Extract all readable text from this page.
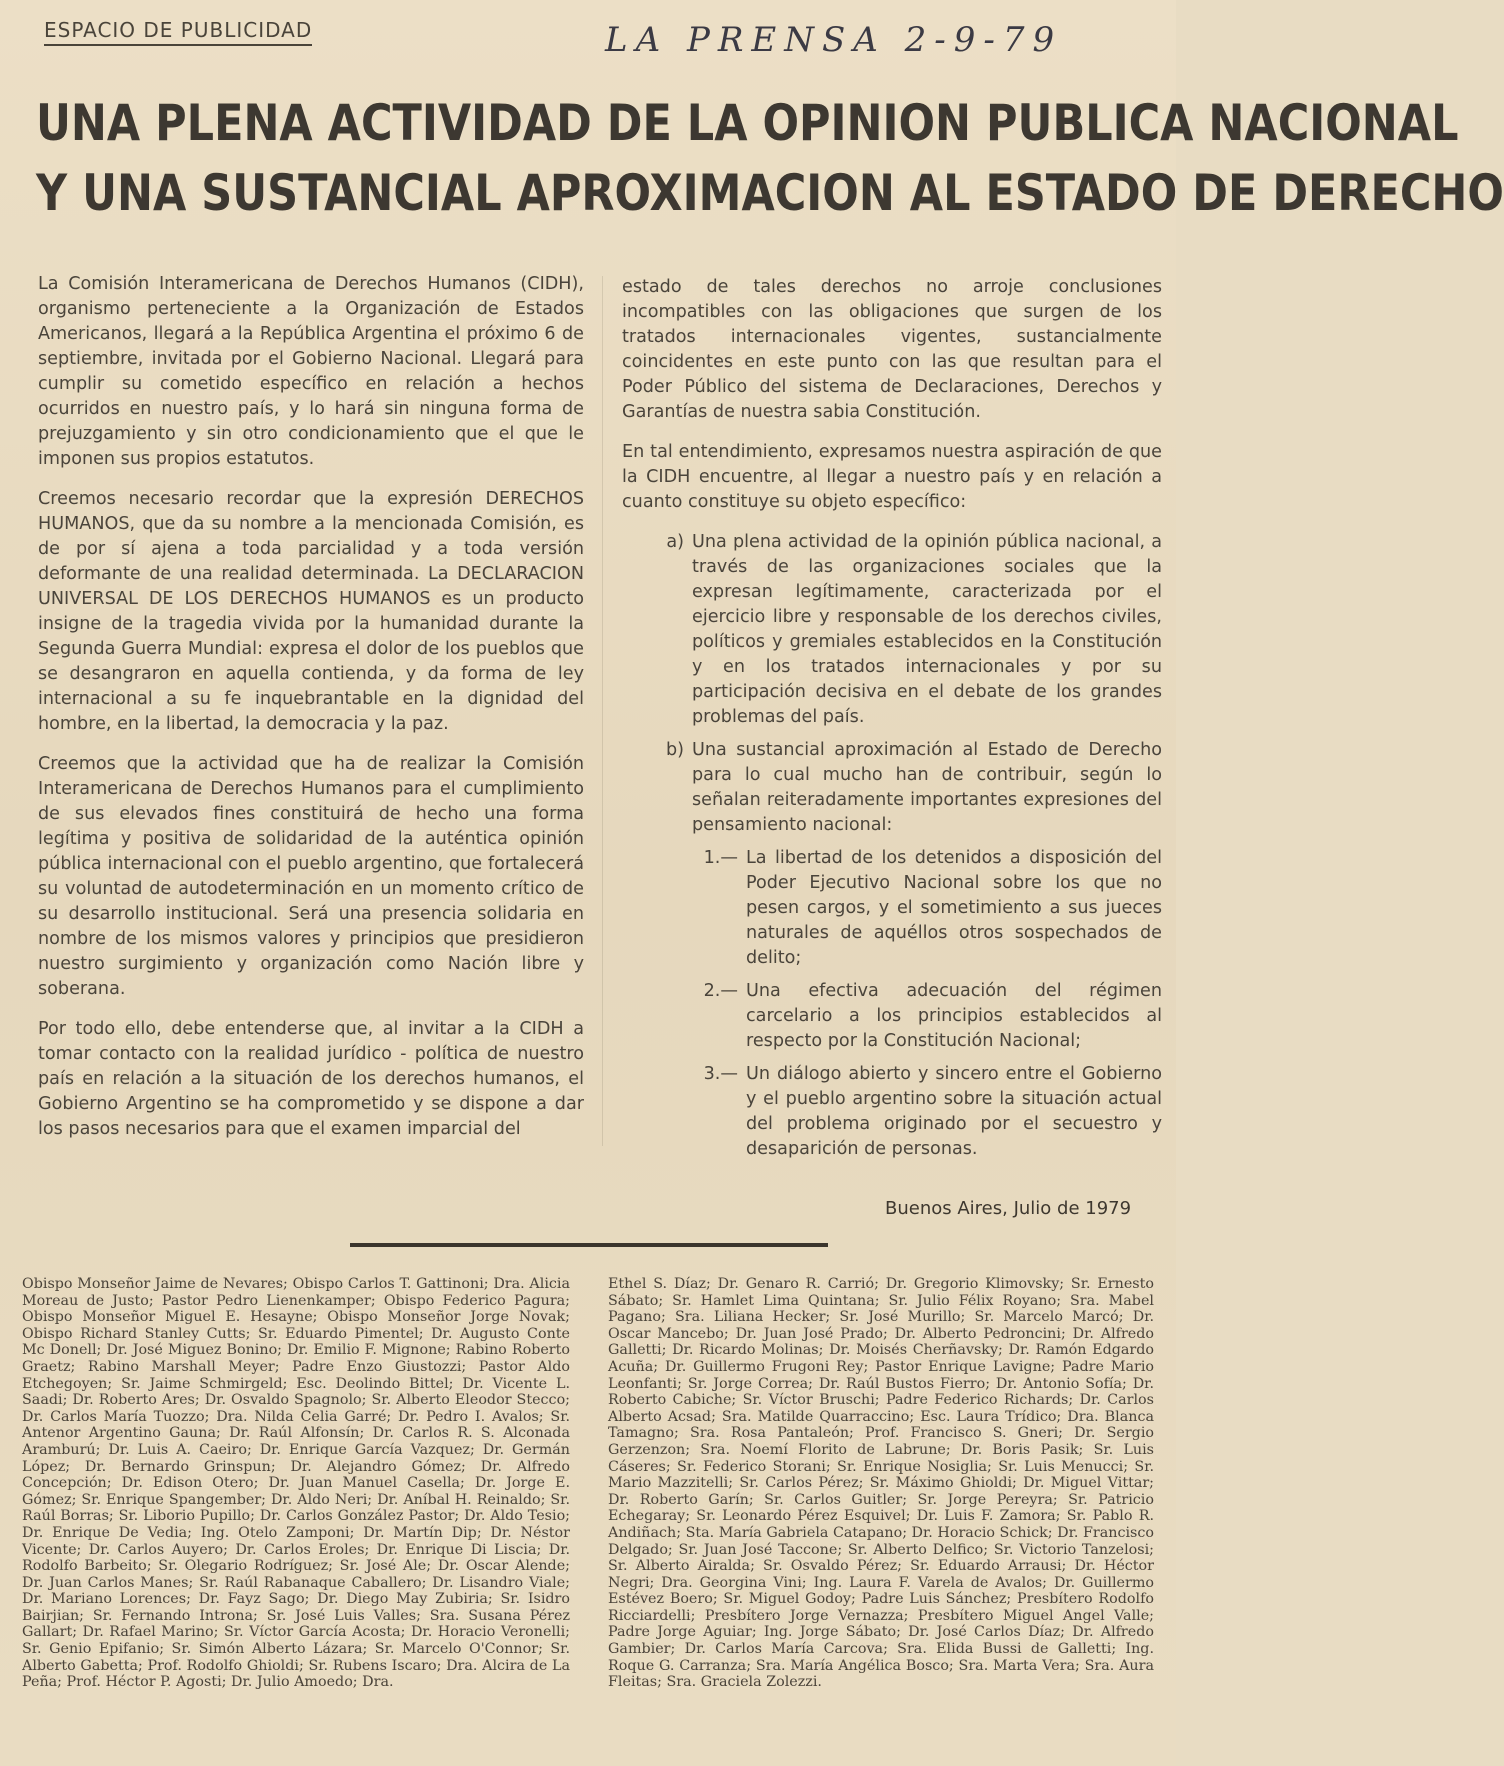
ESPACIO DE PUBLICIDAD	LA PRENSA 2-9-79
UNA PLENA ACTIVIDAD DE LA OPINION PUBLICA NACIONAL
Y UNA SUSTANCIAL APROXIMACION AL ESTADO DE DERECHO

La Comisión Interamericana de Derechos Humanos (CIDH), organismo perteneciente a la Organización de Estados Americanos, llegará a la República Argentina el próximo 6 de septiembre, invitada por el Gobierno Nacional. Llegará para cumplir su cometido específico en relación a hechos ocurridos en nuestro país, y lo hará sin ninguna forma de prejuzgamiento y sin otro condicionamiento que el que le imponen sus propios estatutos.

Creemos necesario recordar que la expresión DERECHOS HUMANOS, que da su nombre a la mencionada Comisión, es de por sí ajena a toda parcialidad y a toda versión deformante de una realidad determinada. La DECLARACION UNIVERSAL DE LOS DERECHOS HUMANOS es un producto insigne de la tragedia vivida por la humanidad durante la Segunda Guerra Mundial: expresa el dolor de los pueblos que se desangraron en aquella contienda, y da forma de ley internacional a su fe inquebrantable en la dignidad del hombre, en la libertad, la democracia y la paz.

Creemos que la actividad que ha de realizar la Comisión Interamericana de Derechos Humanos para el cumplimiento de sus elevados fines constituirá de hecho una forma legítima y positiva de solidaridad de la auténtica opinión pública internacional con el pueblo argentino, que fortalecerá su voluntad de autodeterminación en un momento crítico de su desarrollo institucional. Será una presencia solidaria en nombre de los mismos valores y principios que presidieron nuestro surgimiento y organización como Nación libre y soberana.

Por todo ello, debe entenderse que, al invitar a la CIDH a tomar contacto con la realidad jurídico - política de nuestro país en relación a la situación de los derechos humanos, el Gobierno Argentino se ha comprometido y se dispone a dar los pasos necesarios para que el examen imparcial del

estado de tales derechos no arroje conclusiones incompatibles con las obligaciones que surgen de los tratados internacionales vigentes, sustancialmente coincidentes en este punto con las que resultan para el Poder Público del sistema de Declaraciones, Derechos y Garantías de nuestra sabia Constitución.

En tal entendimiento, expresamos nuestra aspiración de que la CIDH encuentre, al llegar a nuestro país y en relación a cuanto constituye su objeto específico:

a) Una plena actividad de la opinión pública nacional, a través de las organizaciones sociales que la expresan legítimamente, caracterizada por el ejercicio libre y responsable de los derechos civiles, políticos y gremiales establecidos en la Constitución y en los tratados internacionales y por su participación decisiva en el debate de los grandes problemas del país.
b) Una sustancial aproximación al Estado de Derecho para lo cual mucho han de contribuir, según lo señalan reiteradamente importantes expresiones del pensamiento nacional:
1.— La libertad de los detenidos a disposición del Poder Ejecutivo Nacional sobre los que no pesen cargos, y el sometimiento a sus jueces naturales de aquéllos otros sospechados de delito;
2.— Una efectiva adecuación del régimen carcelario a los principios establecidos al respecto por la Constitución Nacional;
3.— Un diálogo abierto y sincero entre el Gobierno y el pueblo argentino sobre la situación actual del problema originado por el secuestro y desaparición de personas.
Buenos Aires, Julio de 1979
Obispo Monseñor Jaime de Nevares; Obispo Carlos T. Gattinoni; Dra. Alicia Moreau de Justo; Pastor Pedro Lienenkamper; Obispo Federico Pagura; Obispo Monseñor Miguel E. Hesayne; Obispo Monseñor Jorge Novak; Obispo Richard Stanley Cutts; Sr. Eduardo Pimentel; Dr. Augusto Conte Mc Donell; Dr. José Miguez Bonino; Dr. Emilio F. Mignone; Rabino Roberto Graetz; Rabino Marshall Meyer; Padre Enzo Giustozzi; Pastor Aldo Etchegoyen; Sr. Jaime Schmirgeld; Esc. Deolindo Bittel; Dr. Vicente L. Saadi; Dr. Roberto Ares; Dr. Osvaldo Spagnolo; Sr. Alberto Eleodor Stecco; Dr. Carlos María Tuozzo; Dra. Nilda Celia Garré; Dr. Pedro I. Avalos; Sr. Antenor Argentino Gauna; Dr. Raúl Alfonsín; Dr. Carlos R. S. Alconada Aramburú; Dr. Luis A. Caeiro; Dr. Enrique García Vazquez; Dr. Germán López; Dr. Bernardo Grinspun; Dr. Alejandro Gómez; Dr. Alfredo Concepción; Dr. Edison Otero; Dr. Juan Manuel Casella; Dr. Jorge E. Gómez; Sr. Enrique Spangember; Dr. Aldo Neri; Dr. Aníbal H. Reinaldo; Sr. Raúl Borras; Sr. Liborio Pupillo; Dr. Carlos González Pastor; Dr. Aldo Tesio; Dr. Enrique De Vedia; Ing. Otelo Zamponi; Dr. Martín Dip; Dr. Néstor Vicente; Dr. Carlos Auyero; Dr. Carlos Eroles; Dr. Enrique Di Liscia; Dr. Rodolfo Barbeito; Sr. Olegario Rodríguez; Sr. José Ale; Dr. Oscar Alende; Dr. Juan Carlos Manes; Sr. Raúl Rabanaque Caballero; Dr. Lisandro Viale; Dr. Mariano Lorences; Dr. Fayz Sago; Dr. Diego May Zubiria; Sr. Isidro Bairjian; Sr. Fernando Introna; Sr. José Luis Valles; Sra. Susana Pérez Gallart; Dr. Rafael Marino; Sr. Víctor García Acosta; Dr. Horacio Veronelli; Sr. Genio Epifanio; Sr. Simón Alberto Lázara; Sr. Marcelo O'Connor; Sr. Alberto Gabetta; Prof. Rodolfo Ghioldi; Sr. Rubens Iscaro; Dra. Alcira de La Peña; Prof. Héctor P. Agosti; Dr. Julio Amoedo; Dra.
Ethel S. Díaz; Dr. Genaro R. Carrió; Dr. Gregorio Klimovsky; Sr. Ernesto Sábato; Sr. Hamlet Lima Quintana; Sr. Julio Félix Royano; Sra. Mabel Pagano; Sra. Liliana Hecker; Sr. José Murillo; Sr. Marcelo Marcó; Dr. Oscar Mancebo; Dr. Juan José Prado; Dr. Alberto Pedroncini; Dr. Alfredo Galletti; Dr. Ricardo Molinas; Dr. Moisés Cherñavsky; Dr. Ramón Edgardo Acuña; Dr. Guillermo Frugoni Rey; Pastor Enrique Lavigne; Padre Mario Leonfanti; Sr. Jorge Correa; Dr. Raúl Bustos Fierro; Dr. Antonio Sofía; Dr. Roberto Cabiche; Sr. Víctor Bruschi; Padre Federico Richards; Dr. Carlos Alberto Acsad; Sra. Matilde Quarraccino; Esc. Laura Trídico; Dra. Blanca Tamagno; Sra. Rosa Pantaleón; Prof. Francisco S. Gneri; Dr. Sergio Gerzenzon; Sra. Noemí Florito de Labrune; Dr. Boris Pasik; Sr. Luis Cáseres; Sr. Federico Storani; Sr. Enrique Nosiglia; Sr. Luis Menucci; Sr. Mario Mazzitelli; Sr. Carlos Pérez; Sr. Máximo Ghioldi; Dr. Miguel Vittar; Dr. Roberto Garín; Sr. Carlos Guitler; Sr. Jorge Pereyra; Sr. Patricio Echegaray; Sr. Leonardo Pérez Esquivel; Dr. Luis F. Zamora; Sr. Pablo R. Andiñach; Sta. María Gabriela Catapano; Dr. Horacio Schick; Dr. Francisco Delgado; Sr. Juan José Taccone; Sr. Alberto Delfico; Sr. Victorio Tanzelosi; Sr. Alberto Airalda; Sr. Osvaldo Pérez; Sr. Eduardo Arrausi; Dr. Héctor Negri; Dra. Georgina Vini; Ing. Laura F. Varela de Avalos; Dr. Guillermo Estévez Boero; Sr. Miguel Godoy; Padre Luis Sánchez; Presbítero Rodolfo Ricciardelli; Presbítero Jorge Vernazza; Presbítero Miguel Angel Valle; Padre Jorge Aguiar; Ing. Jorge Sábato; Dr. José Carlos Díaz; Dr. Alfredo Gambier; Dr. Carlos María Carcova; Sra. Elida Bussi de Galletti; Ing. Roque G. Carranza; Sra. María Angélica Bosco; Sra. Marta Vera; Sra. Aura Fleitas; Sra. Graciela Zolezzi.
